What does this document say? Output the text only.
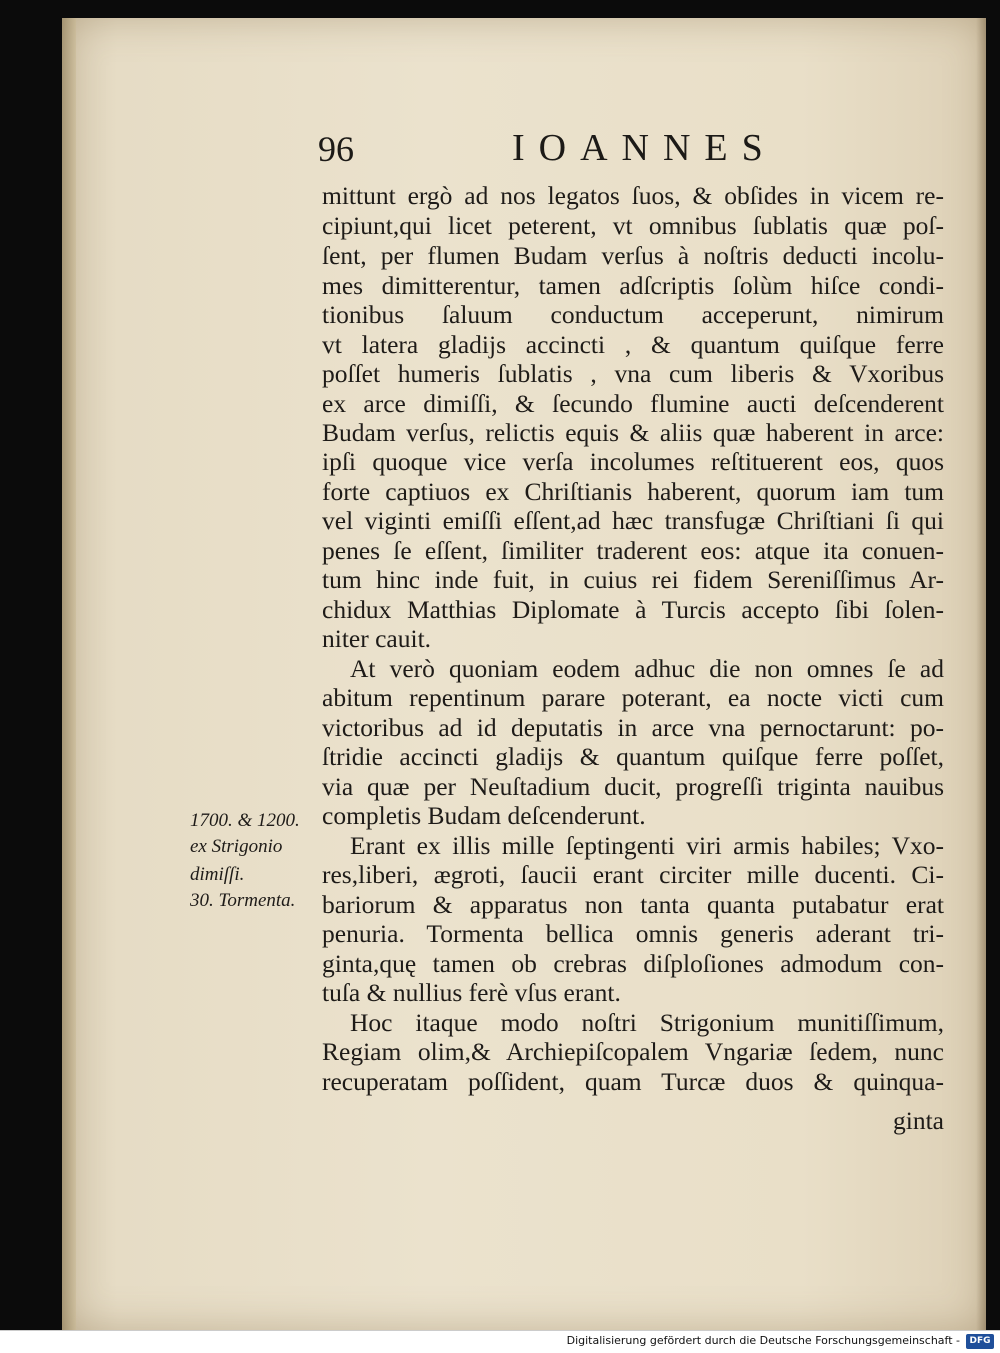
96	IOANNES
mittunt ergò ad nos legatos ſuos, & obſides in vicem re-
cipiunt,qui licet peterent, vt omnibus ſublatis quæ poſ-
ſent, per flumen Budam verſus à noſtris deducti incolu-
mes dimitterentur, tamen adſcriptis ſolùm hiſce condi-
tionibus ſaluum conductum acceperunt, nimirum
vt latera gladijs accincti , & quantum quiſque ferre
poſſet humeris ſublatis , vna cum liberis & Vxoribus
ex arce dimiſſi, & ſecundo flumine aucti deſcenderent
Budam verſus, relictis equis & aliis quæ haberent in arce:
ipſi quoque vice verſa incolumes reſtituerent eos, quos
forte captiuos ex Chriſtianis haberent, quorum iam tum
vel viginti emiſſi eſſent,ad hæc transfugæ Chriſtiani ſi qui
penes ſe eſſent, ſimiliter traderent eos: atque ita conuen-
tum hinc inde fuit, in cuius rei fidem Sereniſſimus Ar-
chidux Matthias Diplomate à Turcis accepto ſibi ſolen-
niter cauit.
At verò quoniam eodem adhuc die non omnes ſe ad
abitum repentinum parare poterant, ea nocte victi cum
victoribus ad id deputatis in arce vna pernoctarunt: po-
ſtridie accincti gladijs & quantum quiſque ferre poſſet,
via quæ per Neuſtadium ducit, progreſſi triginta nauibus
completis Budam deſcenderunt.
Erant ex illis mille ſeptingenti viri armis habiles; Vxo-
res,liberi, ægroti, ſaucii erant circiter mille ducenti. Ci-
bariorum & apparatus non tanta quanta putabatur erat
penuria. Tormenta bellica omnis generis aderant tri-
ginta,quę tamen ob crebras diſploſiones admodum con-
tuſa & nullius ferè vſus erant.
Hoc itaque modo noſtri Strigonium munitiſſimum,
Regiam olim,& Archiepiſcopalem Vngariæ ſedem, nunc
recuperatam poſſident, quam Turcæ duos & quinqua-
1700. & 1200.
ex Strigonio
dimiſſi.
30. Tormenta.
ginta
Digitalisierung gefördert durch die Deutsche Forschungsgemeinschaft -	DFG
